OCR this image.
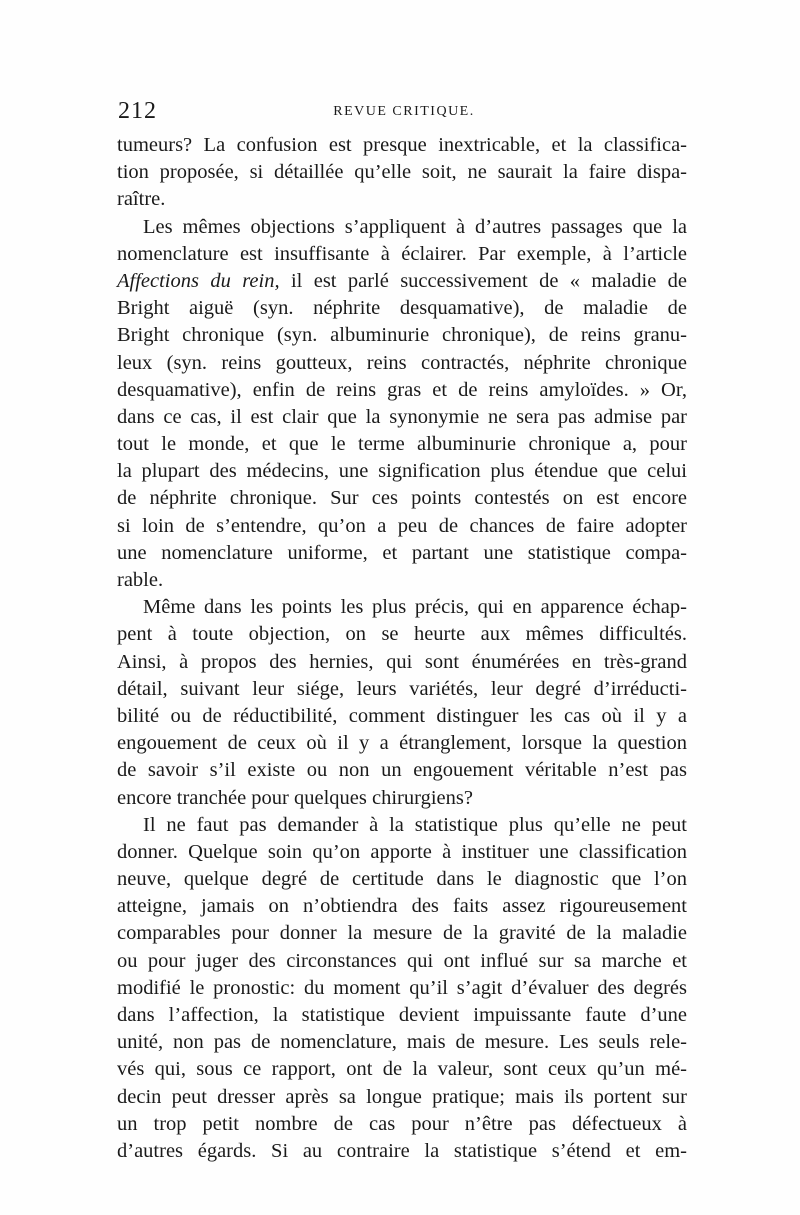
212	REVUE CRITIQUE.
tumeurs? La confusion est presque inextricable, et la classifica-
tion proposée, si détaillée qu’elle soit, ne saurait la faire dispa-
raître.
Les mêmes objections s’appliquent à d’autres passages que la
nomenclature est insuffisante à éclairer. Par exemple, à l’article
Affections du rein, il est parlé successivement de « maladie de
Bright aiguë (syn. néphrite desquamative), de maladie de
Bright chronique (syn. albuminurie chronique), de reins granu-
leux (syn. reins goutteux, reins contractés, néphrite chronique
desquamative), enfin de reins gras et de reins amyloïdes. » Or,
dans ce cas, il est clair que la synonymie ne sera pas admise par
tout le monde, et que le terme albuminurie chronique a, pour
la plupart des médecins, une signification plus étendue que celui
de néphrite chronique. Sur ces points contestés on est encore
si loin de s’entendre, qu’on a peu de chances de faire adopter
une nomenclature uniforme, et partant une statistique compa-
rable.
Même dans les points les plus précis, qui en apparence échap-
pent à toute objection, on se heurte aux mêmes difficultés.
Ainsi, à propos des hernies, qui sont énumérées en très-grand
détail, suivant leur siége, leurs variétés, leur degré d’irréducti-
bilité ou de réductibilité, comment distinguer les cas où il y a
engouement de ceux où il y a étranglement, lorsque la question
de savoir s’il existe ou non un engouement véritable n’est pas
encore tranchée pour quelques chirurgiens?
Il ne faut pas demander à la statistique plus qu’elle ne peut
donner. Quelque soin qu’on apporte à instituer une classification
neuve, quelque degré de certitude dans le diagnostic que l’on
atteigne, jamais on n’obtiendra des faits assez rigoureusement
comparables pour donner la mesure de la gravité de la maladie
ou pour juger des circonstances qui ont influé sur sa marche et
modifié le pronostic: du moment qu’il s’agit d’évaluer des degrés
dans l’affection, la statistique devient impuissante faute d’une
unité, non pas de nomenclature, mais de mesure. Les seuls rele-
vés qui, sous ce rapport, ont de la valeur, sont ceux qu’un mé-
decin peut dresser après sa longue pratique; mais ils portent sur
un trop petit nombre de cas pour n’être pas défectueux à
d’autres égards. Si au contraire la statistique s’étend et em-
